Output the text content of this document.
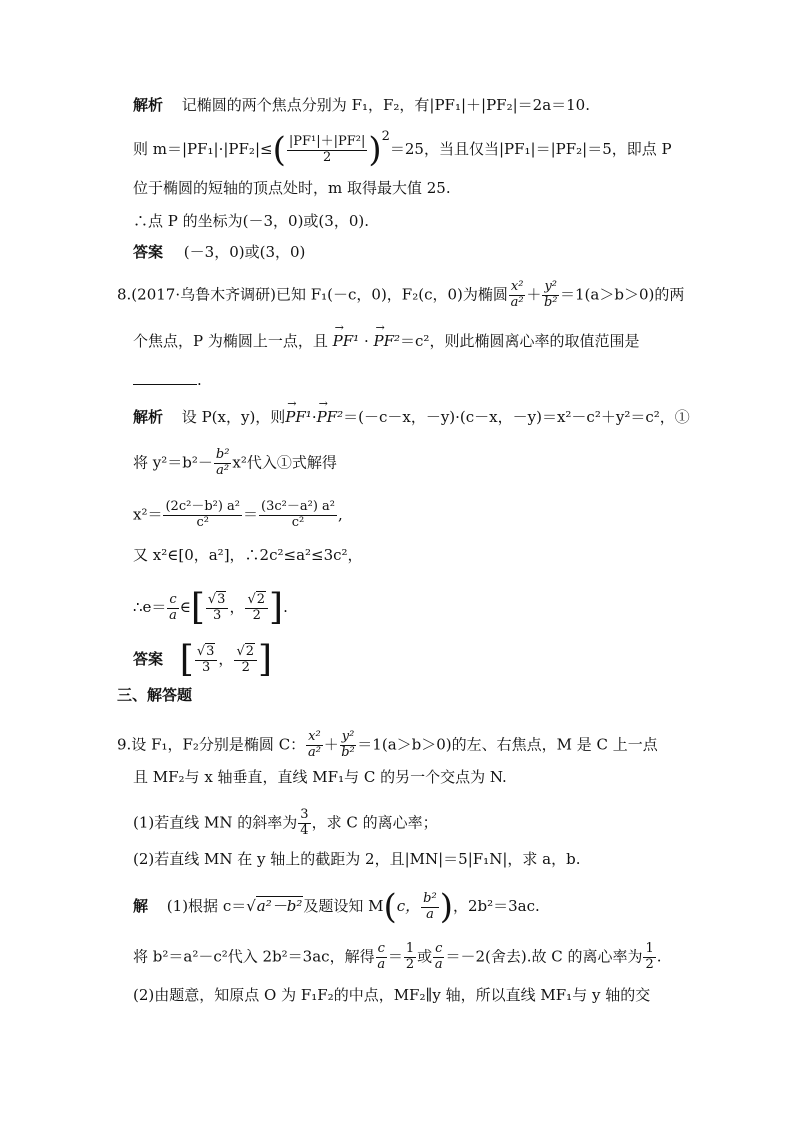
解析 记椭圆的两个焦点分别为 F₁，F₂，有|PF₁|＋|PF₂|＝2a＝10.
则 $m=|PF_1|\cdot|PF_2|\le( \frac{\text{|PF¹|＋|PF²|}}{2} )2=25$，当且仅当|PF₁|＝|PF₂|＝5，即点 P
位于椭圆的短轴的顶点处时，m 取得最大值 25.
∴点 P 的坐标为(－3，0)或(3，0).
答案 (－3，0)或(3，0)
8.(2017·乌鲁木齐调研)已知 F₁(－c，0)，F₂(c，0)为椭圆 $\frac{\text{x²}}{\text{a²}} + \frac{\text{y²}}{\text{b²}} =1(a>b>0)$的两
个焦点，P 为椭圆上一点，且 → PF¹ · → PF²＝c²，则此椭圆离心率的取值范围是
.
解析 设 P(x，y)，则→ PF¹·→ PF²＝(－c－x，－y)·(c－x，－y)＝x²－c²＋y²＝c²，①
将 $y^2=b^2- \frac{\text{b²}}{\text{a²}} x^2$代入①式解得
$x^2= \frac{\text{(2c²－b²) a²}}{\text{c²}} = \frac{\text{(3c²－a²) a²}}{\text{c²}}$ ,
又 x²∈[0，a²]，∴2c²≤a²≤3c²，
∴e＝ $\frac{c}{a}$ ∈[ $\frac{√3}{3}$ ， $\frac{√2}{2}$ ].
答案 [ $\frac{√3}{3}$ ， $\frac{√2}{2}$ ]
三、解答题
9.设 F₁，F₂分别是椭圆 C： $\frac{\text{x²}}{\text{a²}} + \frac{\text{y²}}{\text{b²}} =1(a>b>0)$的左、右焦点，M 是 C 上一点
且 MF₂与 x 轴垂直，直线 MF₁与 C 的另一个交点为 N.
(1)若直线 MN 的斜率为 $\frac{3}{4}$ ，求 C 的离心率；
(2)若直线 MN 在 y 轴上的截距为 2，且|MN|＝5|F₁N|，求 a，b.
解 (1)根据 c＝√a²－b²及题设知 M(c， $\frac{\text{b²}}{a}$ )，2b²＝3ac.
将 b²＝a²－c²代入 2b²＝3ac，解得 $\frac{c}{a} = \frac{1}{2}$ 或 $\frac{c}{a} =-2$(舍去).故 C 的离心率为 $\frac{1}{2}$ .
(2)由题意，知原点 O 为 F₁F₂的中点，MF₂∥y 轴，所以直线 MF₁与 y 轴的交
